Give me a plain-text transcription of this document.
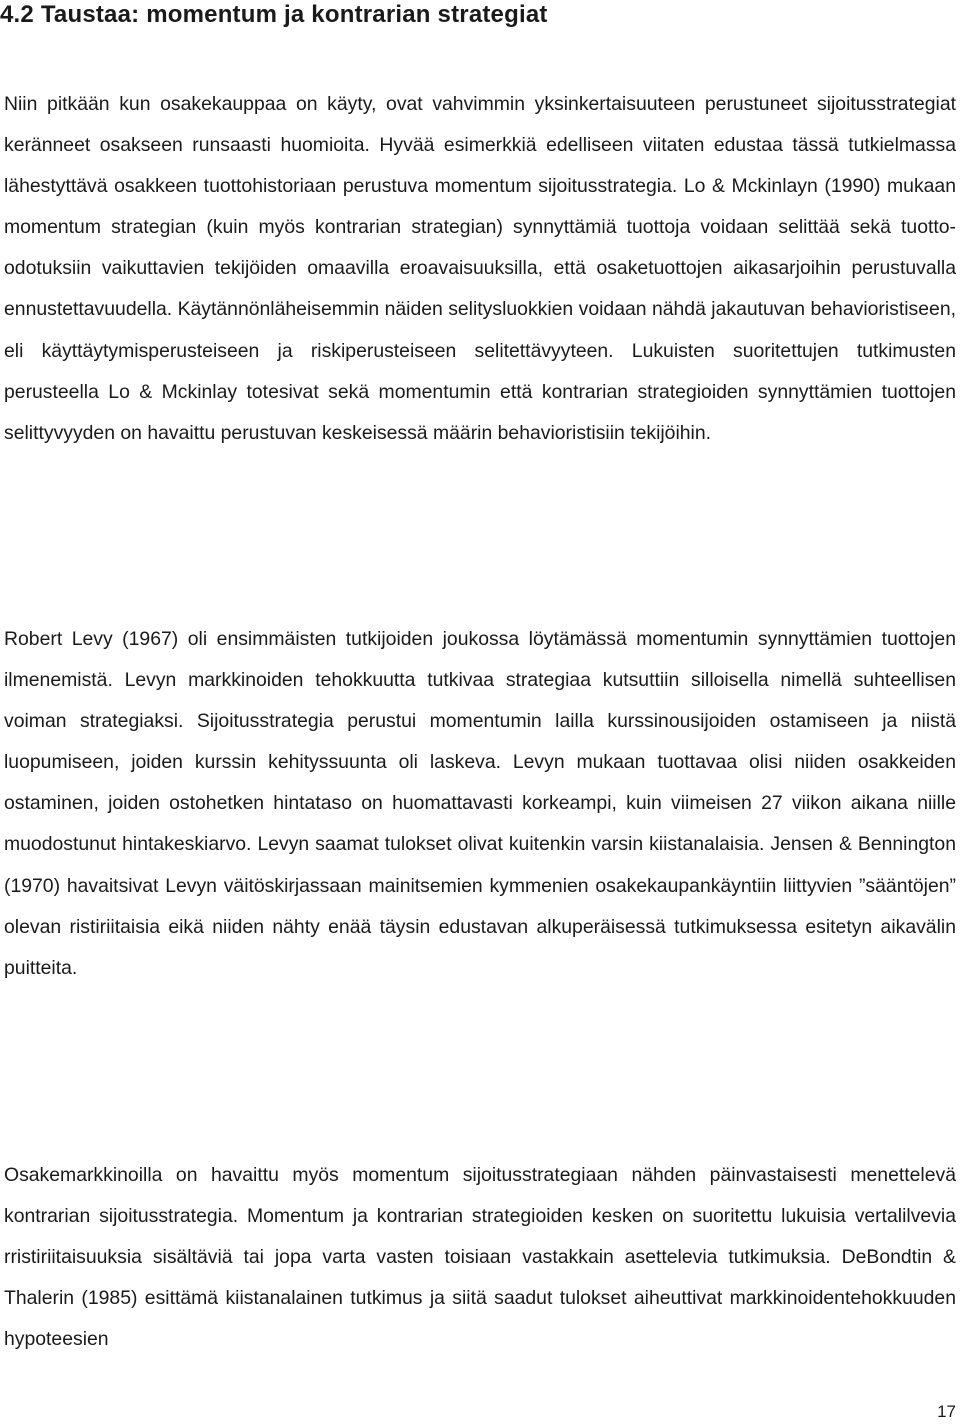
4.2 Taustaa: momentum ja kontrarian strategiat

Niin pitkään kun osakekauppaa on käyty, ovat vahvimmin yksinkertaisuuteen perustuneet sijoitusstrategiat keränneet osakseen runsaasti huomioita. Hyvää esimerkkiä edelliseen viitaten edustaa tässä tutkielmassa lähestyttävä osakkeen tuottohistoriaan perustuva momentum sijoitusstrategia. Lo & Mckinlayn (1990) mukaan momentum strategian (kuin myös kontrarian strategian) synnyttämiä tuottoja voidaan selittää sekä tuotto-odotuksiin vaikuttavien tekijöiden omaavilla eroavaisuuksilla, että osaketuottojen aikasarjoihin perustuvalla ennustettavuudella. Käytännönläheisemmin näiden selitysluokkien voidaan nähdä jakautuvan behavioristiseen, eli käyttäytymisperusteiseen ja riskiperusteiseen selitettävyyteen. Lukuisten suoritettujen tutkimusten perusteella Lo & Mckinlay totesivat sekä momentumin että kontrarian strategioiden synnyttämien tuottojen selittyvyyden on havaittu perustuvan keskeisessä määrin behavioristisiin tekijöihin.

Robert Levy (1967) oli ensimmäisten tutkijoiden joukossa löytämässä momentumin synnyttämien tuottojen ilmenemistä. Levyn markkinoiden tehokkuutta tutkivaa strategiaa kutsuttiin silloisella nimellä suhteellisen voiman strategiaksi. Sijoitusstrategia perustui momentumin lailla kurssinousijoiden ostamiseen ja niistä luopumiseen, joiden kurssin kehityssuunta oli laskeva. Levyn mukaan tuottavaa olisi niiden osakkeiden ostaminen, joiden ostohetken hintataso on huomattavasti korkeampi, kuin viimeisen 27 viikon aikana niille muodostunut hintakeskiarvo. Levyn saamat tulokset olivat kuitenkin varsin kiistanalaisia. Jensen & Bennington (1970) havaitsivat Levyn väitöskirjassaan mainitsemien kymmenien osakekaupankäyntiin liittyvien ”sääntöjen” olevan ristiriitaisia eikä niiden nähty enää täysin edustavan alkuperäisessä tutkimuksessa esitetyn aikavälin puitteita.

Osakemarkkinoilla on havaittu myös momentum sijoitusstrategiaan nähden päinvastaisesti menettelevä kontrarian sijoitusstrategia. Momentum ja kontrarian strategioiden kesken on suoritettu lukuisia vertalilvevia rristiriitaisuuksia sisältäviä tai jopa varta vasten toisiaan vastakkain asettelevia tutkimuksia. DeBondtin & Thalerin (1985) esittämä kiistanalainen tutkimus ja siitä saadut tulokset aiheuttivat markkinoidentehokkuuden hypoteesien

17
